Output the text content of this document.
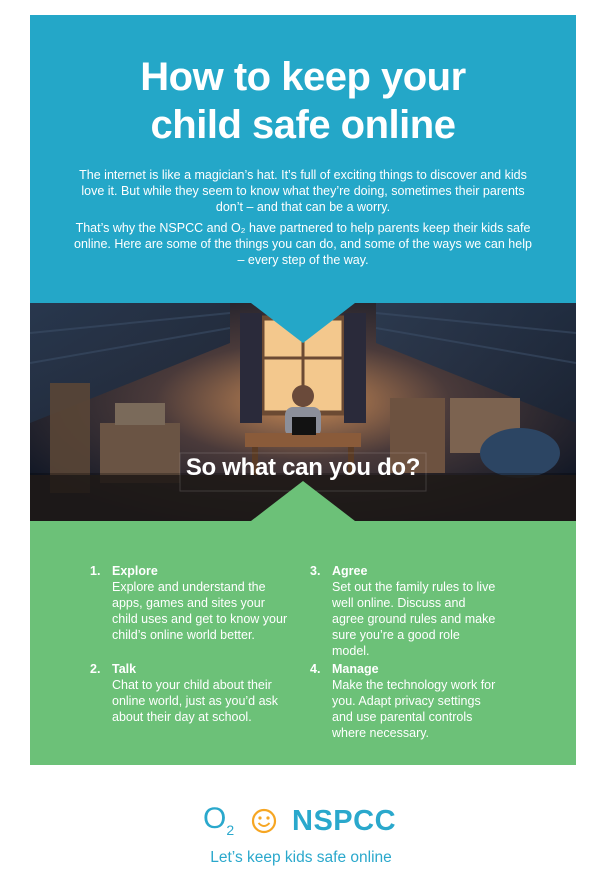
How to keep your
child safe online

The internet is like a magician’s hat. It’s full of exciting things to discover and kids love it. But while they seem to know what they’re doing, sometimes their parents don’t – and that can be a worry.

That’s why the NSPCC and O₂ have partnered to help parents keep their kids safe online. Here are some of the things you can do, and some of the ways we can help – every step of the way.

So what can you do?
1. Explore
Explore and understand the apps, games and sites your child uses and get to know your child’s online world better.
2. Talk
Chat to your child about their online world, just as you’d ask about their day at school.
3. Agree
Set out the family rules to live well online. Discuss and agree ground rules and make sure you’re a good role model.
4. Manage
Make the technology work for you. Adapt privacy settings and use parental controls where necessary.
$O_2$ NSPCC
Let’s keep kids safe online
